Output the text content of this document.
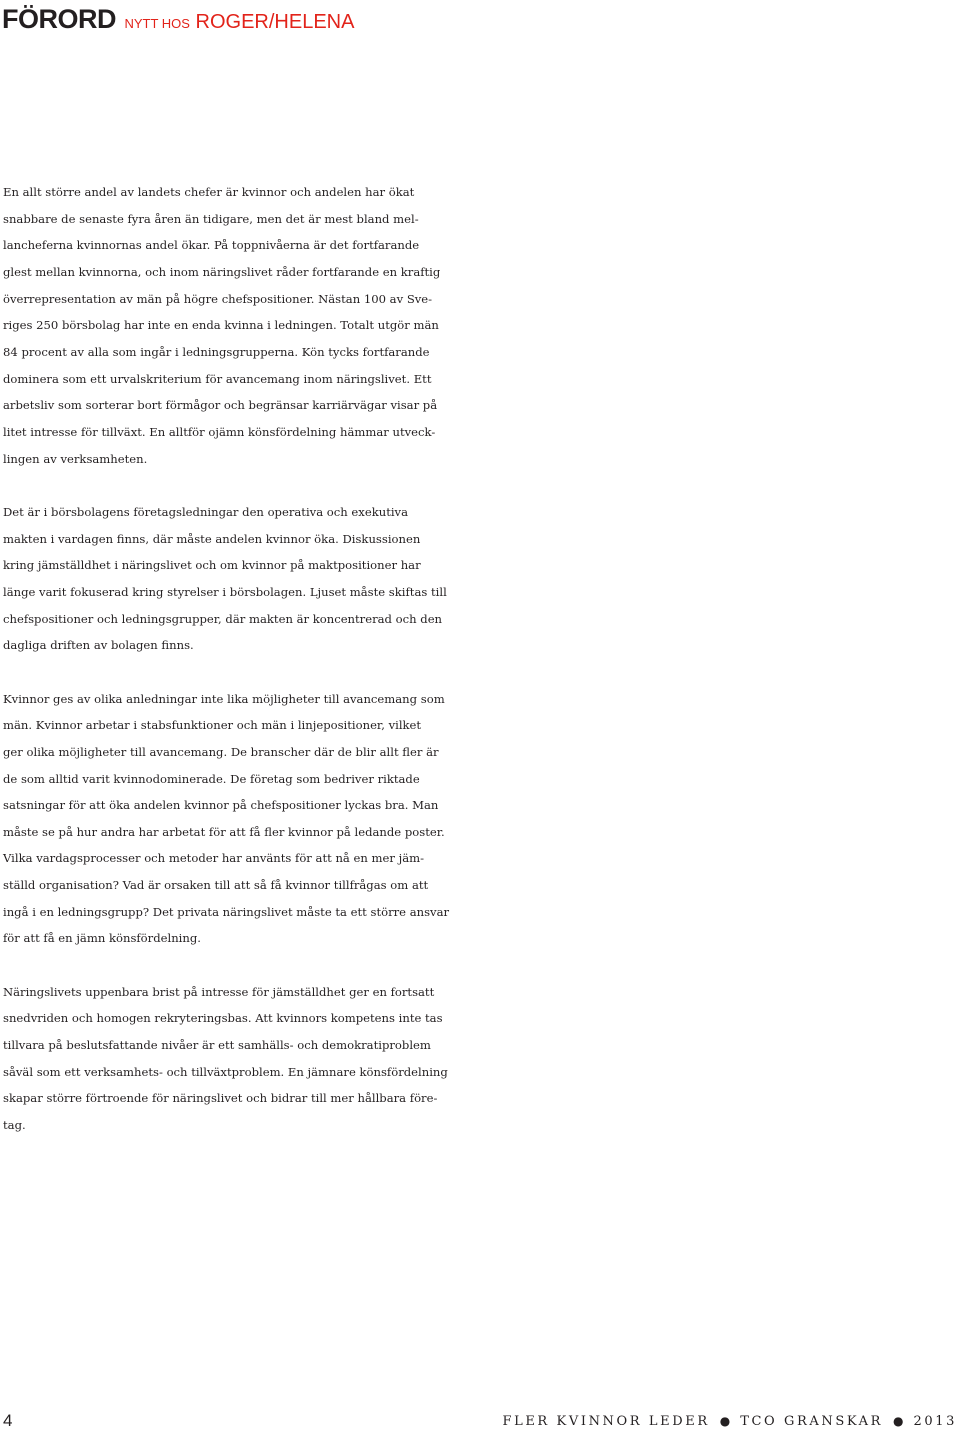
FÖRORD NYTT HOS ROGER/HELENA

En allt större andel av landets chefer är kvinnor och andelen har ökat
snabbare de senaste fyra åren än tidigare, men det är mest bland mel-
lancheferna kvinnornas andel ökar. På toppnivåerna är det fortfarande
glest mellan kvinnorna, och inom näringslivet råder fortfarande en kraftig
överrepresentation av män på högre chefspositioner. Nästan 100 av Sve-
riges 250 börsbolag har inte en enda kvinna i ledningen. Totalt utgör män
84 procent av alla som ingår i ledningsgrupperna. Kön tycks fortfarande
dominera som ett urvalskriterium för avancemang inom näringslivet. Ett
arbetsliv som sorterar bort förmågor och begränsar karriärvägar visar på
litet intresse för tillväxt. En alltför ojämn könsfördelning hämmar utveck-
lingen av verksamheten.

Det är i börsbolagens företagsledningar den operativa och exekutiva
makten i vardagen finns, där måste andelen kvinnor öka. Diskussionen
kring jämställdhet i näringslivet och om kvinnor på maktpositioner har
länge varit fokuserad kring styrelser i börsbolagen. Ljuset måste skiftas till
chefspositioner och ledningsgrupper, där makten är koncentrerad och den
dagliga driften av bolagen finns.

Kvinnor ges av olika anledningar inte lika möjligheter till avancemang som
män. Kvinnor arbetar i stabsfunktioner och män i linjepositioner, vilket
ger olika möjligheter till avancemang. De branscher där de blir allt fler är
de som alltid varit kvinnodominerade. De företag som bedriver riktade
satsningar för att öka andelen kvinnor på chefspositioner lyckas bra. Man
måste se på hur andra har arbetat för att få fler kvinnor på ledande poster.
Vilka vardagsprocesser och metoder har använts för att nå en mer jäm-
ställd organisation? Vad är orsaken till att så få kvinnor tillfrågas om att
ingå i en ledningsgrupp? Det privata näringslivet måste ta ett större ansvar
för att få en jämn könsfördelning.

Näringslivets uppenbara brist på intresse för jämställdhet ger en fortsatt
snedvriden och homogen rekryteringsbas. Att kvinnors kompetens inte tas
tillvara på beslutsfattande nivåer är ett samhälls- och demokratiproblem
såväl som ett verksamhets- och tillväxtproblem. En jämnare könsfördelning
skapar större förtroende för näringslivet och bidrar till mer hållbara före-
tag.

4	FLER KVINNOR LEDER ● TCO GRANSKAR ● 2013
